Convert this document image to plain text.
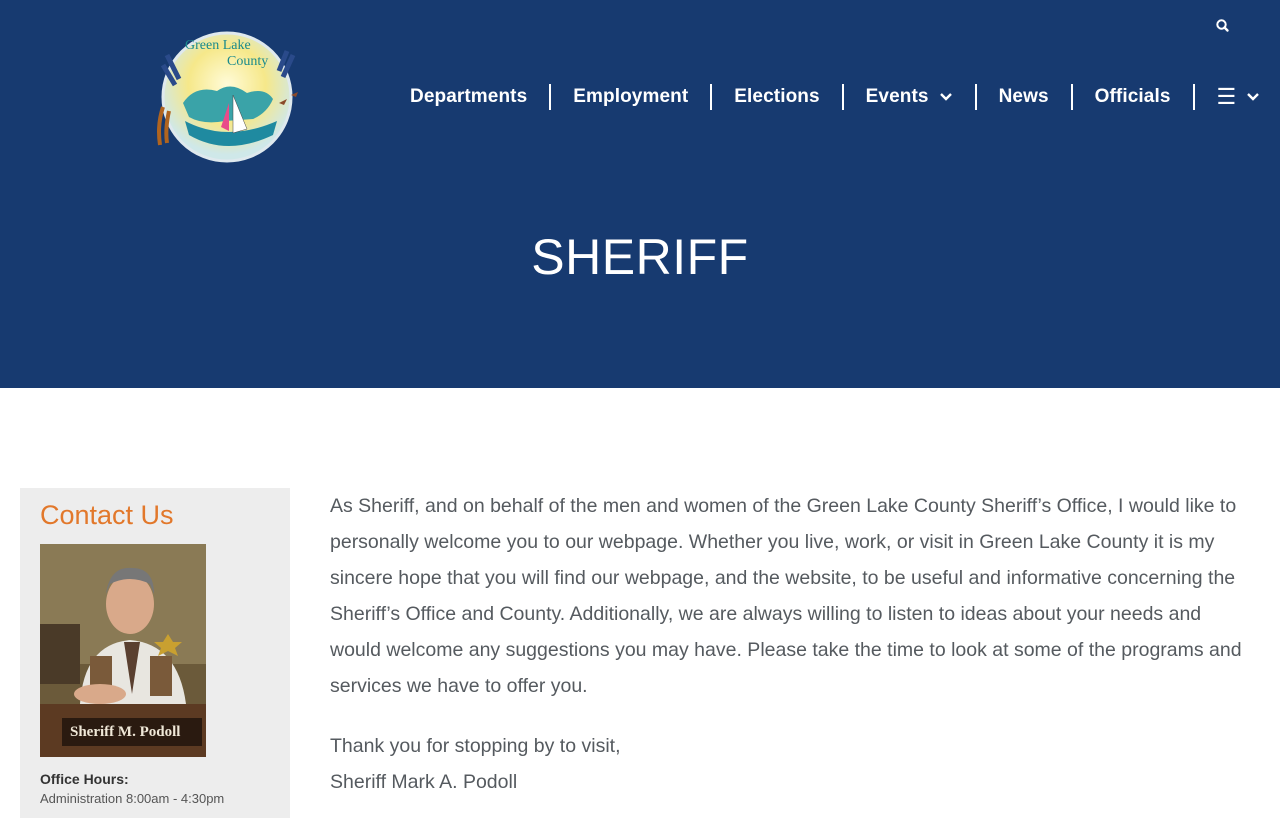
Green Lake
County
Departments Employment Elections Events	News Officials ☰
SHERIFF
Contact Us
Sheriff M. Podoll
Office Hours:
Administration 8:00am - 4:30pm

As Sheriff, and on behalf of the men and women of the Green Lake County Sheriff’s Office, I would like to personally welcome you to our webpage. Whether you live, work, or visit in Green Lake County it is my sincere hope that you will find our webpage, and the website, to be useful and informative concerning the Sheriff’s Office and County. Additionally, we are always willing to listen to ideas about your needs and would welcome any suggestions you may have. Please take the time to look at some of the programs and services we have to offer you.

Thank you for stopping by to visit,

Sheriff Mark A. Podoll
